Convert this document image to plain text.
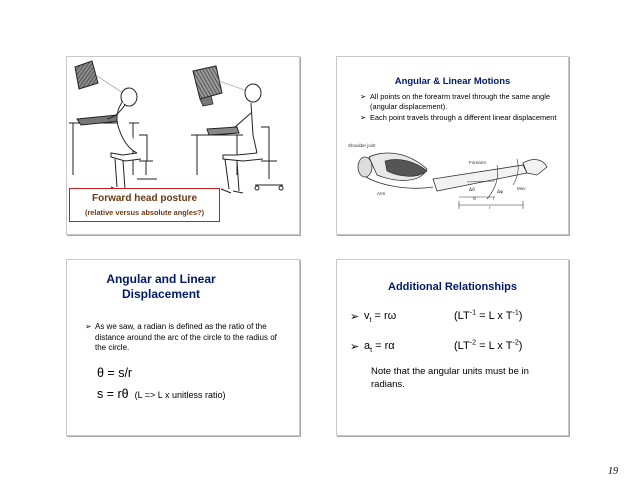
Forward head posture
(relative versus absolute angles?)
Angular & Linear Motions
➢ All points on the forearm travel through the same angle (angular displacement).
➢ Each point travels through a different linear displacement
Shoulder joint
Forearm
Arm
Mov
Δθ	Δφ
θ	r
r
Angular and Linear Displacement
➢ As we saw, a radian is defined as the ratio of the distance around the arc of the circle to the radius of the circle.
θ = s/r
s = rθ (L => L x unitless ratio)
Additional Relationships
➢ $v_t = r\omega$	($LT^{-1} = L$ x $T^{-1}$)
➢ $a_t = r\alpha$	($LT^{-2} = L$ x $T^{-2}$)
Note that the angular units must be in radians.
19
